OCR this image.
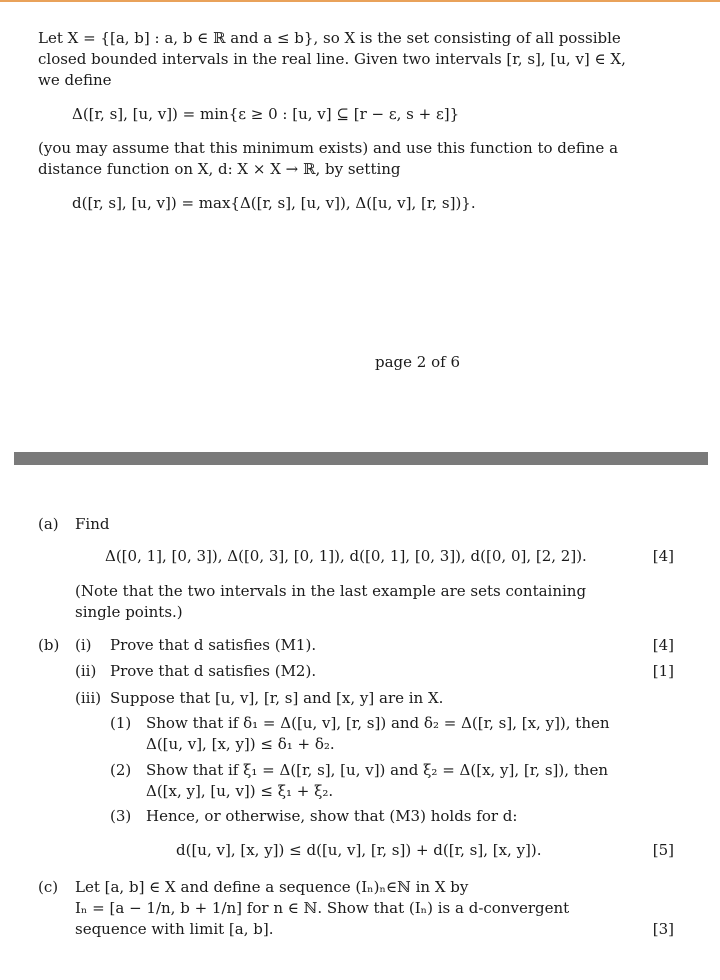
Let X = {[a, b] : a, b ∈ ℝ and a ≤ b}, so X is the set consisting of all possible
closed bounded intervals in the real line. Given two intervals [r, s], [u, v] ∈ X,
we define
Δ([r, s], [u, v]) = min{ε ≥ 0 : [u, v] ⊆ [r − ε, s + ε]}
(you may assume that this minimum exists) and use this function to define a
distance function on X, d: X × X → ℝ, by setting
d([r, s], [u, v]) = max{Δ([r, s], [u, v]), Δ([u, v], [r, s])}.
page 2 of 6
(a) Find
Δ([0, 1], [0, 3]), Δ([0, 3], [0, 1]), d([0, 1], [0, 3]), d([0, 0], [2, 2]).	[4]
(Note that the two intervals in the last example are sets containing
single points.)
(b) (i) Prove that d satisfies (M1).	[4]
(ii) Prove that d satisfies (M2).	[1]
(iii) Suppose that [u, v], [r, s] and [x, y] are in X.
(1) Show that if δ₁ = Δ([u, v], [r, s]) and δ₂ = Δ([r, s], [x, y]), then
Δ([u, v], [x, y]) ≤ δ₁ + δ₂.
(2) Show that if ξ₁ = Δ([r, s], [u, v]) and ξ₂ = Δ([x, y], [r, s]), then
Δ([x, y], [u, v]) ≤ ξ₁ + ξ₂.
(3) Hence, or otherwise, show that (M3) holds for d:
d([u, v], [x, y]) ≤ d([u, v], [r, s]) + d([r, s], [x, y]).	[5]
(c) Let [a, b] ∈ X and define a sequence (Iₙ)ₙ∈ℕ in X by
Iₙ = [a − 1/n, b + 1/n] for n ∈ ℕ. Show that (Iₙ) is a d-convergent
sequence with limit [a, b].	[3]
